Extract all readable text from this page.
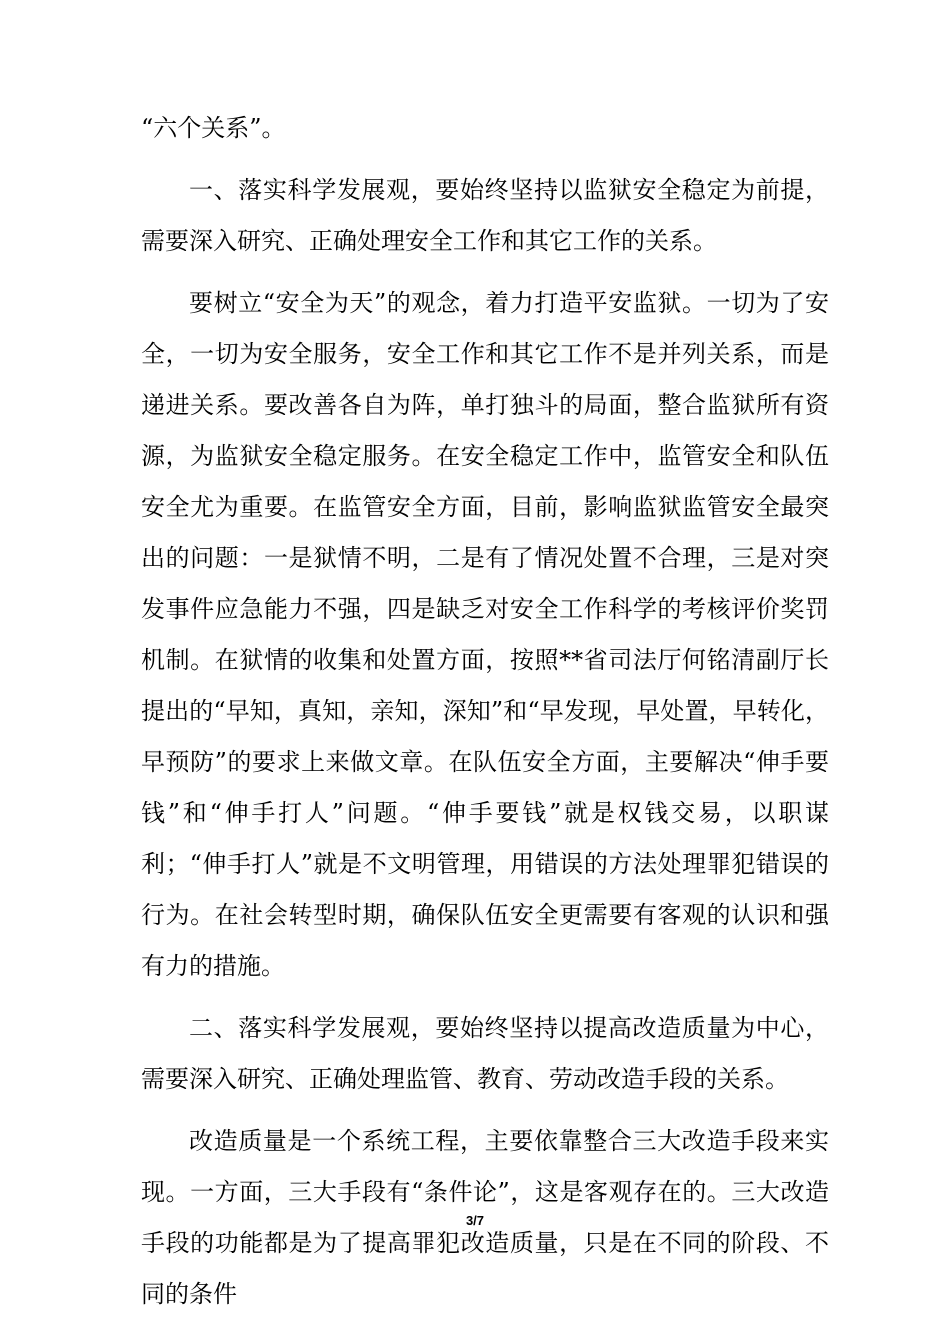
“六个关系”。

一、落实科学发展观，要始终坚持以监狱安全稳定为前提，需要深入研究、正确处理安全工作和其它工作的关系。

要树立“安全为天”的观念，着力打造平安监狱。一切为了安全，一切为安全服务，安全工作和其它工作不是并列关系，而是递进关系。要改善各自为阵，单打独斗的局面，整合监狱所有资源，为监狱安全稳定服务。在安全稳定工作中，监管安全和队伍安全尤为重要。在监管安全方面，目前，影响监狱监管安全最突出的问题：一是狱情不明，二是有了情况处置不合理，三是对突发事件应急能力不强，四是缺乏对安全工作科学的考核评价奖罚机制。在狱情的收集和处置方面，按照**省司法厅何铭清副厅长提出的“早知，真知，亲知，深知”和“早发现，早处置，早转化，早预防”的要求上来做文章。在队伍安全方面，主要解决“伸手要钱”和“伸手打人”问题。“伸手要钱”就是权钱交易，以职谋利；“伸手打人”就是不文明管理，用错误的方法处理罪犯错误的行为。在社会转型时期，确保队伍安全更需要有客观的认识和强有力的措施。

二、落实科学发展观，要始终坚持以提高改造质量为中心，需要深入研究、正确处理监管、教育、劳动改造手段的关系。

改造质量是一个系统工程，主要依靠整合三大改造手段来实现。一方面，三大手段有“条件论”，这是客观存在的。三大改造手段的功能都是为了提高罪犯改造质量，只是在不同的阶段、不同的条件

3/7
